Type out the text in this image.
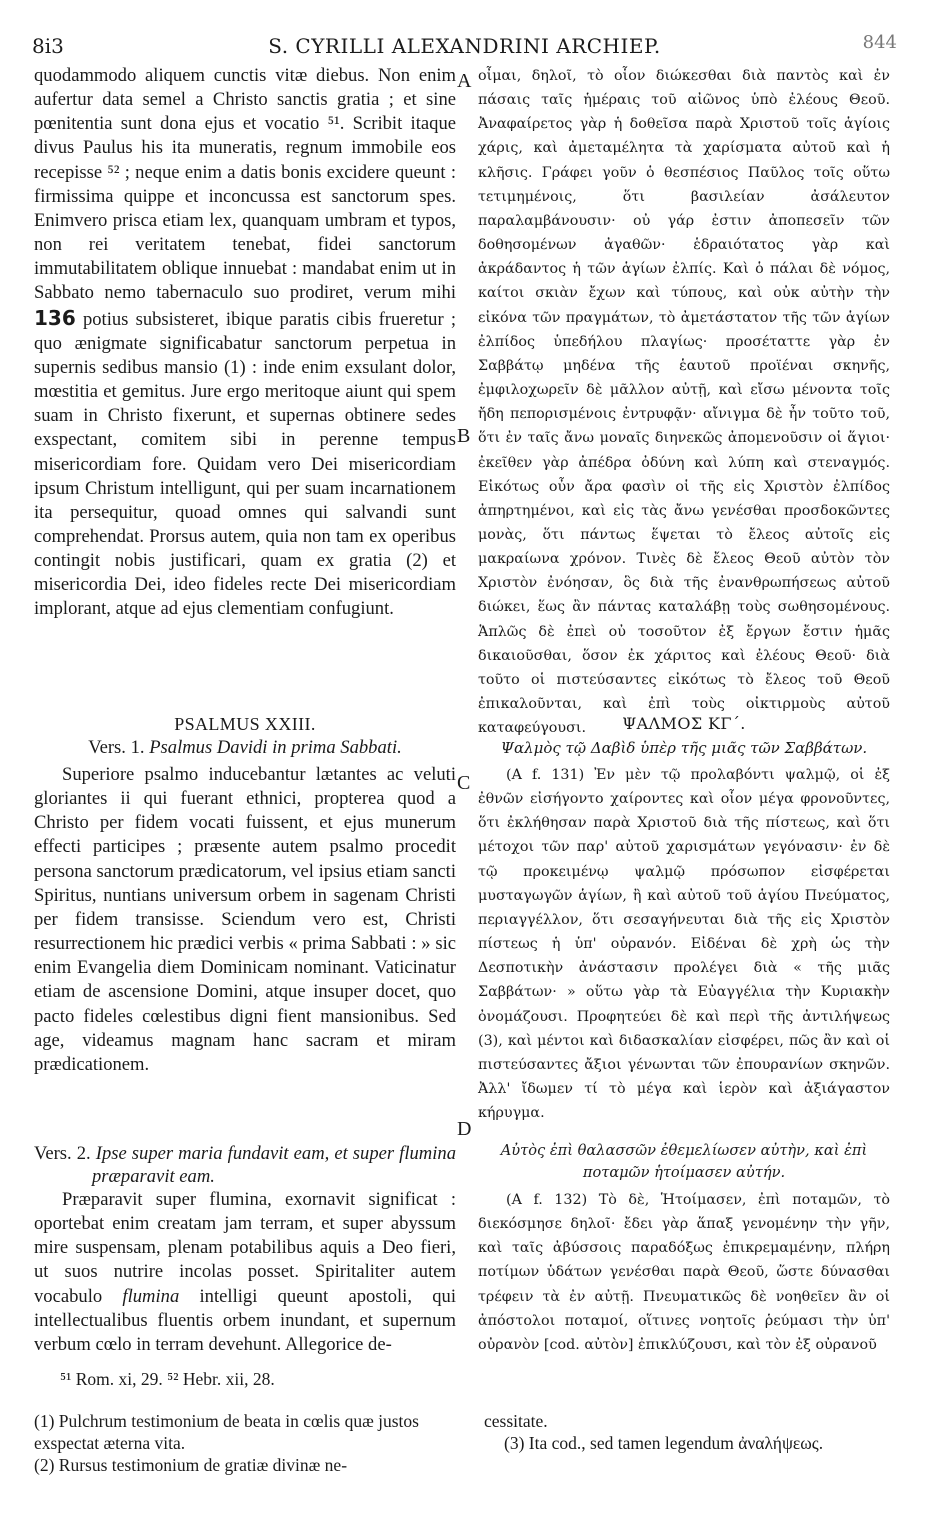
8i3	S. CYRILLI ALEXANDRINI ARCHIEP.	844
A
B
C
D

quodammodo aliquem cunctis vitæ diebus. Non enim aufertur data semel a Christo sanctis gratia ; et sine pœnitentia sunt dona ejus et vocatio ⁵¹. Scribit itaque divus Paulus his ita muneratis, regnum immobile eos recepisse ⁵² ; neque enim a datis bonis excidere queunt : firmissima quippe et inconcussa est sanctorum spes. Enimvero prisca etiam lex, quanquam umbram et typos, non rei veritatem tenebat, fidei sanctorum immutabilitatem oblique innuebat : mandabat enim ut in Sabbato nemo tabernaculo suo prodiret, verum mihi 136 potius subsisteret, ibique paratis cibis frueretur ; quo ænigmate significabatur sanctorum perpetua in supernis sedibus mansio (1) : inde enim exsulant dolor, mœstitia et gemitus. Jure ergo meritoque aiunt qui spem suam in Christo fixerunt, et supernas obtinere sedes exspectant, comitem sibi in perenne tempus misericordiam fore. Quidam vero Dei misericordiam ipsum Christum intelligunt, qui per suam incarnationem ita persequitur, quoad omnes qui salvandi sunt comprehendat. Prorsus autem, quia non tam ex operibus contingit nobis justificari, quam ex gratia (2) et misericordia Dei, ideo fideles recte Dei misericordiam implorant, atque ad ejus clementiam confugiunt.

PSALMUS XXIII.

Vers. 1. Psalmus Davidi in prima Sabbati.

Superiore psalmo inducebantur lætantes ac veluti gloriantes ii qui fuerant ethnici, propterea quod a Christo per fidem vocati fuissent, et ejus munerum effecti participes ; præsente autem psalmo procedit persona sanctorum prædicatorum, vel ipsius etiam sancti Spiritus, nuntians universum orbem in sagenam Christi per fidem transisse. Sciendum vero est, Christi resurrectionem hic prædici verbis « prima Sabbati : » sic enim Evangelia diem Dominicam nominant. Vaticinatur etiam de ascensione Domini, atque insuper docet, quo pacto fideles cœlestibus digni fient mansionibus. Sed age, videamus magnam hanc sacram et miram prædicationem.

Vers. 2. Ipse super maria fundavit eam, et super flumina præparavit eam.

Præparavit super flumina, exornavit significat : oportebat enim creatam jam terram, et super abyssum mire suspensam, plenam potabilibus aquis a Deo fieri, ut suos nutrire incolas posset. Spiritaliter autem vocabulo flumina intelligi queunt apostoli, qui intellectualibus fluentis orbem inundant, et supernum verbum cœlo in terram devehunt. Allegorice de-

οἶμαι, δηλοῖ, τὸ οἷον διώκεσθαι διὰ παντὸς καὶ ἐν πάσαις ταῖς ἡμέραις τοῦ αἰῶνος ὑπὸ ἐλέους Θεοῦ. Ἀναφαίρετος γὰρ ἡ δοθεῖσα παρὰ Χριστοῦ τοῖς ἁγίοις χάρις, καὶ ἀμεταμέλητα τὰ χαρίσματα αὐτοῦ καὶ ἡ κλῆσις. Γράφει γοῦν ὁ θεσπέσιος Παῦλος τοῖς οὕτω τετιμημένοις, ὅτι βασιλείαν ἀσάλευτον παραλαμβάνουσιν· οὐ γάρ ἐστιν ἀποπεσεῖν τῶν δοθησομένων ἀγαθῶν· ἑδραιότατος γὰρ καὶ ἀκράδαντος ἡ τῶν ἁγίων ἐλπίς. Καὶ ὁ πάλαι δὲ νόμος, καίτοι σκιὰν ἔχων καὶ τύπους, καὶ οὐκ αὐτὴν τὴν εἰκόνα τῶν πραγμάτων, τὸ ἀμετάστατον τῆς τῶν ἁγίων ἐλπίδος ὑπεδήλου πλαγίως· προσέταττε γὰρ ἐν Σαββάτῳ μηδένα τῆς ἑαυτοῦ προϊέναι σκηνῆς, ἐμφιλοχωρεῖν δὲ μᾶλλον αὐτῇ, καὶ εἴσω μένοντα τοῖς ἤδη πεπορισμένοις ἐντρυφᾷν· αἴνιγμα δὲ ἦν τοῦτο τοῦ, ὅτι ἐν ταῖς ἄνω μοναῖς διηνεκῶς ἀπομενοῦσιν οἱ ἅγιοι· ἐκεῖθεν γὰρ ἀπέδρα ὀδύνη καὶ λύπη καὶ στεναγμός. Εἰκότως οὖν ἄρα φασὶν οἱ τῆς εἰς Χριστὸν ἐλπίδος ἀπηρτημένοι, καὶ εἰς τὰς ἄνω γενέσθαι προσδοκῶντες μονὰς, ὅτι πάντως ἕψεται τὸ ἔλεος αὐτοῖς εἰς μακραίωνα χρόνον. Τινὲς δὲ ἔλεος Θεοῦ αὐτὸν τὸν Χριστὸν ἐνόησαν, ὃς διὰ τῆς ἐνανθρωπήσεως αὐτοῦ διώκει, ἕως ἂν πάντας καταλάβῃ τοὺς σωθησομένους. Ἁπλῶς δὲ ἐπεὶ οὐ τοσοῦτον ἐξ ἔργων ἔστιν ἡμᾶς δικαιοῦσθαι, ὅσον ἐκ χάριτος καὶ ἐλέους Θεοῦ· διὰ τοῦτο οἱ πιστεύσαντες εἰκότως τὸ ἔλεος τοῦ Θεοῦ ἐπικαλοῦνται, καὶ ἐπὶ τοὺς οἰκτιρμοὺς αὐτοῦ καταφεύγουσι.	ΨΑΛΜΟΣ ΚΓ΄.

Ψαλμὸς τῷ Δαβὶδ ὑπὲρ τῆς μιᾶς τῶν Σαββάτων.

(A f. 131) Ἐν μὲν τῷ προλαβόντι ψαλμῷ, οἱ ἐξ ἐθνῶν εἰσήγοντο χαίροντες καὶ οἷον μέγα φρονοῦντες, ὅτι ἐκλήθησαν παρὰ Χριστοῦ διὰ τῆς πίστεως, καὶ ὅτι μέτοχοι τῶν παρ' αὐτοῦ χαρισμάτων γεγόνασιν· ἐν δὲ τῷ προκειμένῳ ψαλμῷ πρόσωπον εἰσφέρεται μυσταγωγῶν ἁγίων, ἢ καὶ αὐτοῦ τοῦ ἁγίου Πνεύματος, περιαγγέλλον, ὅτι σεσαγήνευται διὰ τῆς εἰς Χριστὸν πίστεως ἡ ὑπ' οὐρανόν. Εἰδέναι δὲ χρὴ ὡς τὴν Δεσποτικὴν ἀνάστασιν προλέγει διὰ « τῆς μιᾶς Σαββάτων· » οὕτω γὰρ τὰ Εὐαγγέλια τὴν Κυριακὴν ὀνομάζουσι. Προφητεύει δὲ καὶ περὶ τῆς ἀντιλήψεως (3), καὶ μέντοι καὶ διδασκαλίαν εἰσφέρει, πῶς ἂν καὶ οἱ πιστεύσαντες ἄξιοι γένωνται τῶν ἐπουρανίων σκηνῶν. Ἀλλ' ἴδωμεν τί τὸ μέγα καὶ ἱερὸν καὶ ἀξιάγαστον κήρυγμα.

Αὐτὸς ἐπὶ θαλασσῶν ἐθεμελίωσεν αὐτὴν, καὶ ἐπὶ ποταμῶν ἡτοίμασεν αὐτήν.

(A f. 132) Τὸ δὲ, Ἡτοίμασεν, ἐπὶ ποταμῶν, τὸ διεκόσμησε δηλοῖ· ἔδει γὰρ ἅπαξ γενομένην τὴν γῆν, καὶ ταῖς ἀβύσσοις παραδόξως ἐπικρεμαμένην, πλήρη ποτίμων ὑδάτων γενέσθαι παρὰ Θεοῦ, ὥστε δύνασθαι τρέφειν τὰ ἐν αὐτῇ. Πνευματικῶς δὲ νοηθεῖεν ἂν οἱ ἀπόστολοι ποταμοί, οἵτινες νοητοῖς ῥεύμασι τὴν ὑπ' οὐρανὸν [cod. αὐτὸν] ἐπικλύζουσι, καὶ τὸν ἐξ οὐρανοῦ

⁵¹ Rom. xi, 29. ⁵² Hebr. xii, 28.

(1) Pulchrum testimonium de beata in cœlis quæ justos exspectat æterna vita.

(2) Rursus testimonium de gratiæ divinæ ne-

cessitate.

(3) Ita cod., sed tamen legendum ἀναλήψεως.
